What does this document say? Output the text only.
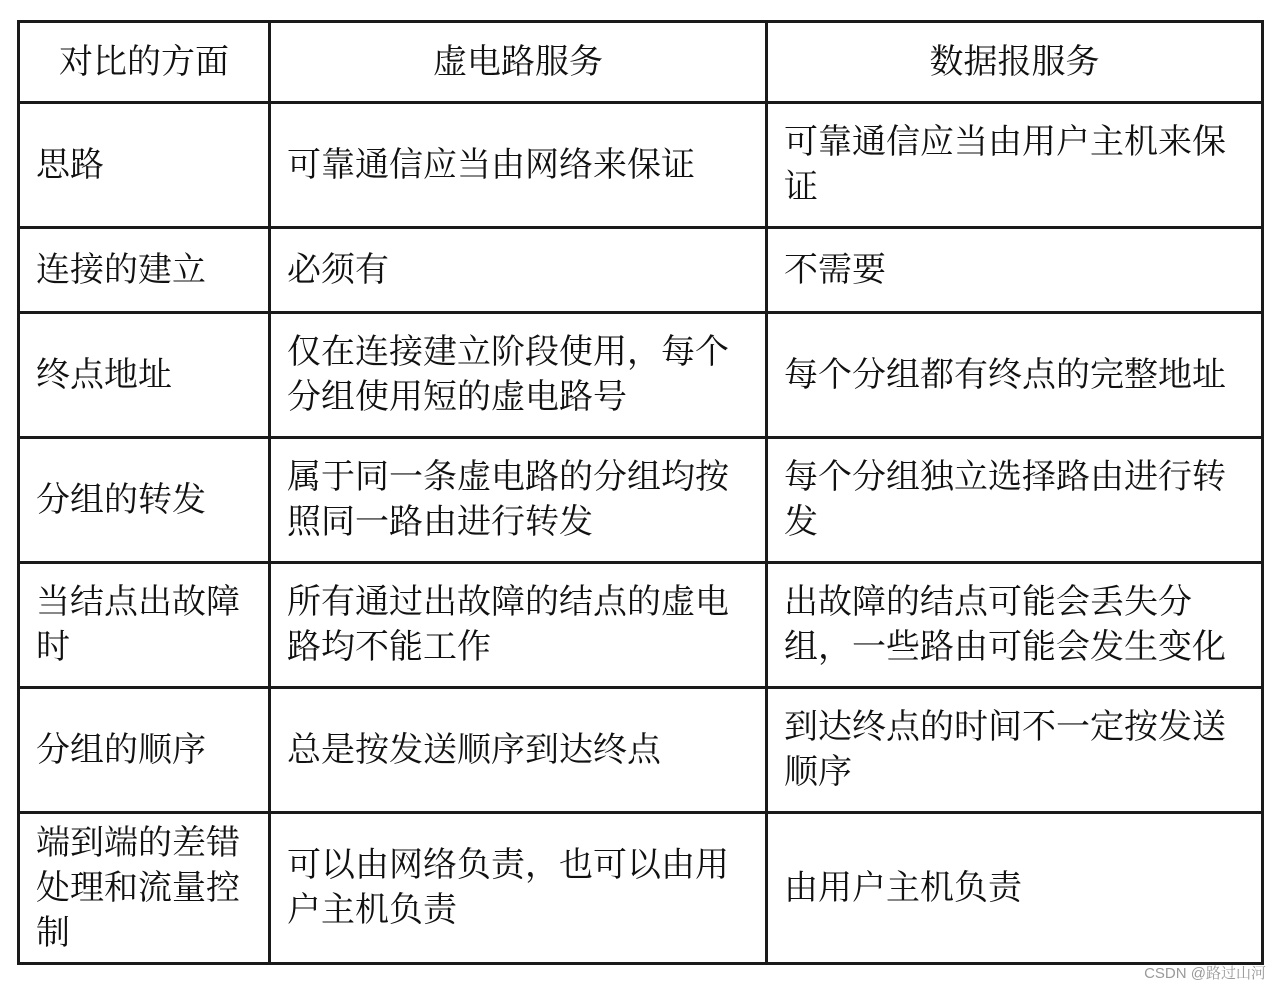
对比的方面	虚电路服务	数据报服务
思路	可靠通信应当由网络来保证	可靠通信应当由用户主机来保证
连接的建立	必须有	不需要
终点地址	仅在连接建立阶段使用，每个分组使用短的虚电路号	每个分组都有终点的完整地址
分组的转发	属于同一条虚电路的分组均按照同一路由进行转发	每个分组独立选择路由进行转发
当结点出故障时	所有通过出故障的结点的虚电路均不能工作	出故障的结点可能会丢失分组，一些路由可能会发生变化
分组的顺序	总是按发送顺序到达终点	到达终点的时间不一定按发送顺序
端到端的差错处理和流量控制	可以由网络负责，也可以由用户主机负责	由用户主机负责
CSDN @路过山河
